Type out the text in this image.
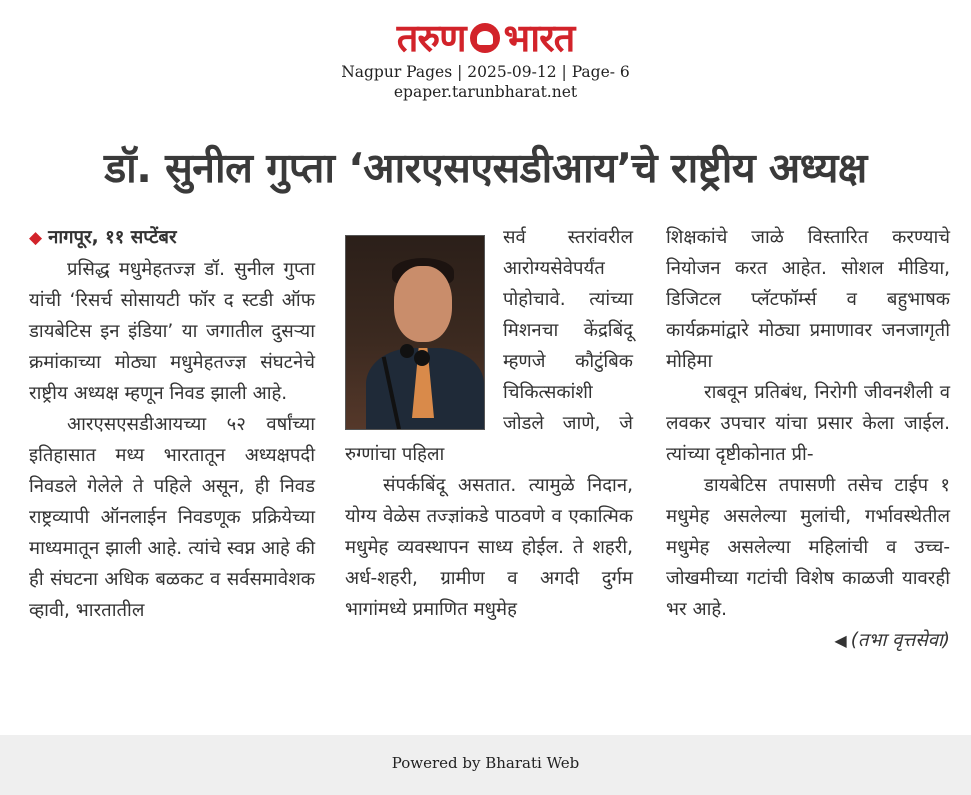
तरुण भारत
Nagpur Pages | 2025-09-12 | Page- 6
epaper.tarunbharat.net
डॉ. सुनील गुप्ता ‘आरएसएसडीआय’चे राष्ट्रीय अध्यक्ष

◆ नागपूर, ११ सप्टेंबर

प्रसिद्ध मधुमेहतज्ज्ञ डॉ. सुनील गुप्ता यांची ‘रिसर्च सोसायटी फॉर द स्टडी ऑफ डायबेटिस इन इंडिया’ या जगातील दुसऱ्या क्रमांकाच्या मोठ्या मधुमेहतज्ज्ञ संघटनेचे राष्ट्रीय अध्यक्ष म्हणून निवड झाली आहे.

आरएसएसडीआयच्या ५२ वर्षांच्या इतिहासात मध्य भारतातून अध्यक्षपदी निवडले गेलेले ते पहिले असून, ही निवड राष्ट्रव्यापी ऑनलाईन निवडणूक प्रक्रियेच्या माध्यमातून झाली आहे. त्यांचे स्वप्न आहे की ही संघटना अधिक बळकट व सर्वसमावेशक व्हावी, भारतातील

सर्व स्तरांवरील आरोग्यसेवेपर्यंत पोहोचावे. त्यांच्या मिशनचा केंद्रबिंदू म्हणजे कौटुंबिक चिकित्सकांशी जोडले जाणे, जे रुग्णांचा पहिला

संपर्कबिंदू असतात. त्यामुळे निदान, योग्य वेळेस तज्ज्ञांकडे पाठवणे व एकात्मिक मधुमेह व्यवस्थापन साध्य होईल. ते शहरी, अर्ध-शहरी, ग्रामीण व अगदी दुर्गम भागांमध्ये प्रमाणित मधुमेह

शिक्षकांचे जाळे विस्तारित करण्याचे नियोजन करत आहेत. सोशल मीडिया, डिजिटल प्लॅटफॉर्म्स व बहुभाषक कार्यक्रमांद्वारे मोठ्या प्रमाणावर जनजागृती मोहिमा

राबवून प्रतिबंध, निरोगी जीवनशैली व लवकर उपचार यांचा प्रसार केला जाईल. त्यांच्या दृष्टीकोनात प्री-

डायबेटिस तपासणी तसेच टाईप १ मधुमेह असलेल्या मुलांची, गर्भावस्थेतील मधुमेह असलेल्या महिलांची व उच्च- जोखमीच्या गटांची विशेष काळजी यावरही भर आहे.

◀ (तभा वृत्तसेवा)

Powered by Bharati Web
